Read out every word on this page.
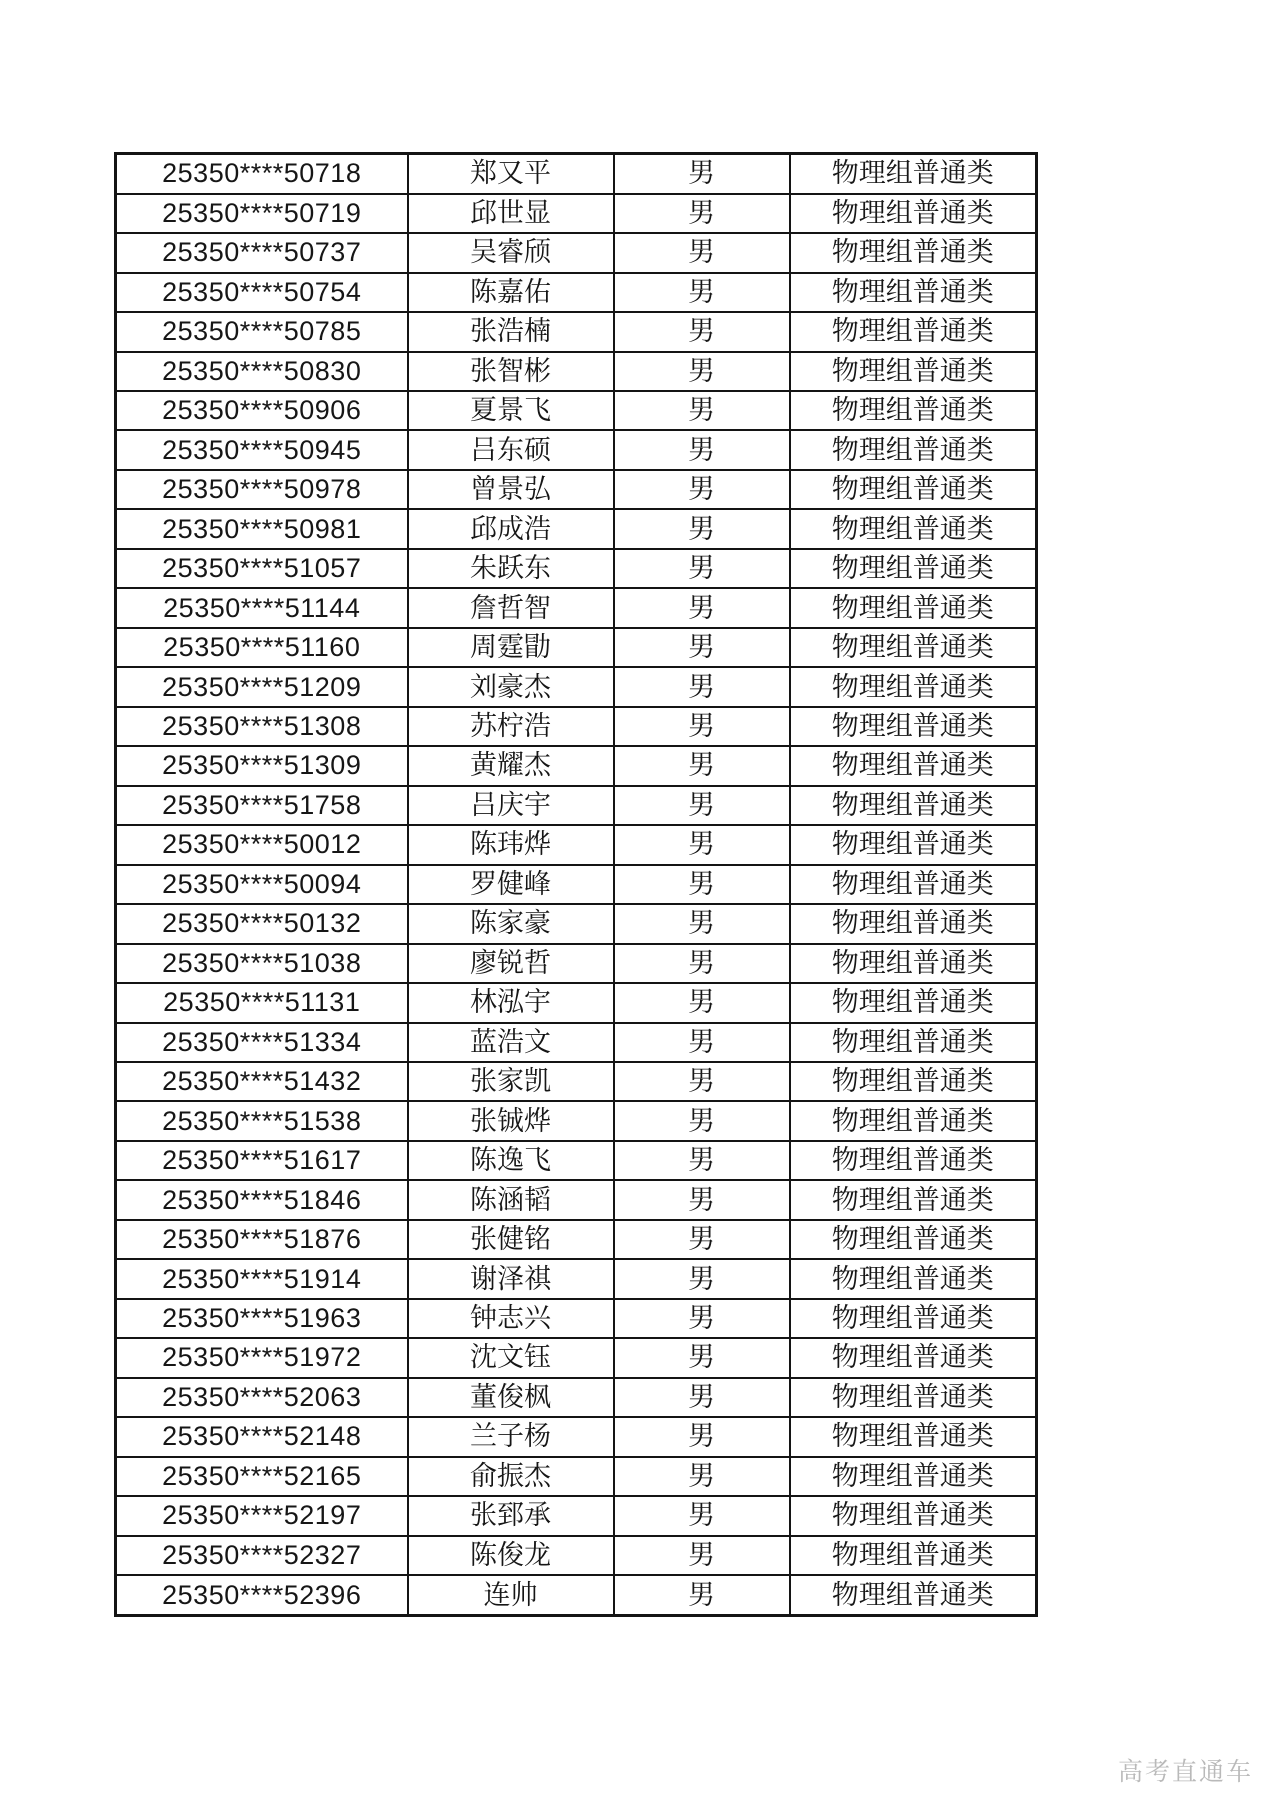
25350****50718	郑又平	男	物理组普通类
25350****50719	邱世显	男	物理组普通类
25350****50737	吴睿颀	男	物理组普通类
25350****50754	陈嘉佑	男	物理组普通类
25350****50785	张浩楠	男	物理组普通类
25350****50830	张智彬	男	物理组普通类
25350****50906	夏景飞	男	物理组普通类
25350****50945	吕东硕	男	物理组普通类
25350****50978	曾景弘	男	物理组普通类
25350****50981	邱成浩	男	物理组普通类
25350****51057	朱跃东	男	物理组普通类
25350****51144	詹哲智	男	物理组普通类
25350****51160	周霆勖	男	物理组普通类
25350****51209	刘豪杰	男	物理组普通类
25350****51308	苏柠浩	男	物理组普通类
25350****51309	黄耀杰	男	物理组普通类
25350****51758	吕庆宇	男	物理组普通类
25350****50012	陈玮烨	男	物理组普通类
25350****50094	罗健峰	男	物理组普通类
25350****50132	陈家豪	男	物理组普通类
25350****51038	廖锐哲	男	物理组普通类
25350****51131	林泓宇	男	物理组普通类
25350****51334	蓝浩文	男	物理组普通类
25350****51432	张家凯	男	物理组普通类
25350****51538	张铖烨	男	物理组普通类
25350****51617	陈逸飞	男	物理组普通类
25350****51846	陈涵韬	男	物理组普通类
25350****51876	张健铭	男	物理组普通类
25350****51914	谢泽祺	男	物理组普通类
25350****51963	钟志兴	男	物理组普通类
25350****51972	沈文钰	男	物理组普通类
25350****52063	董俊枫	男	物理组普通类
25350****52148	兰子杨	男	物理组普通类
25350****52165	俞振杰	男	物理组普通类
25350****52197	张郅承	男	物理组普通类
25350****52327	陈俊龙	男	物理组普通类
25350****52396	连帅	男	物理组普通类
高考直通车
